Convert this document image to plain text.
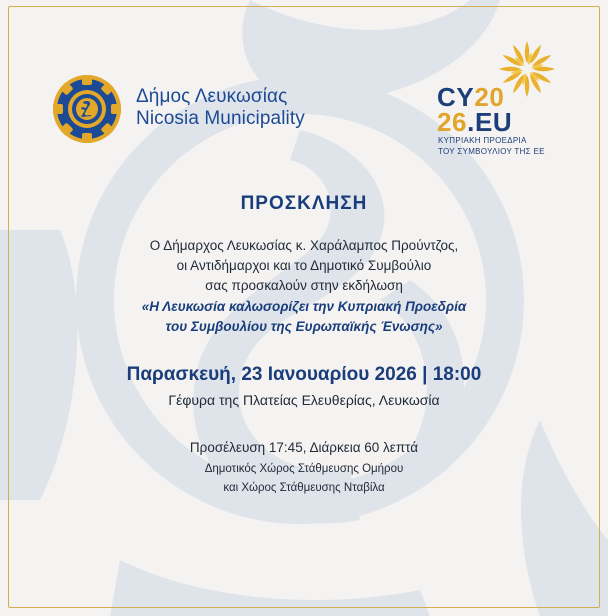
Δήμος Λευκωσίας
Nicosia Municipality
CY20
26.EU
ΚΥΠΡΙΑΚΗ ΠΡΟΕΔΡΙΑ
ΤΟΥ ΣΥΜΒΟΥΛΙΟΥ ΤΗΣ ΕΕ
ΠΡΟΣΚΛΗΣΗ
Ο Δήμαρχος Λευκωσίας κ. Χαράλαμπος Πρoύντζος,
οι Αντιδήμαρχοι και το Δημοτικό Συμβούλιο
σας προσκαλούν στην εκδήλωση
«Η Λευκωσία καλωσορίζει την Κυπριακή Προεδρία
του Συμβουλίου της Ευρωπαϊκής Ένωσης»
Παρασκευή, 23 Ιανουαρίου 2026 | 18:00
Γέφυρα της Πλατείας Ελευθερίας, Λευκωσία
Προσέλευση 17:45, Διάρκεια 60 λεπτά
Δημοτικός Χώρος Στάθμευσης Ομήρου
και Χώρος Στάθμευσης Νταβίλα
